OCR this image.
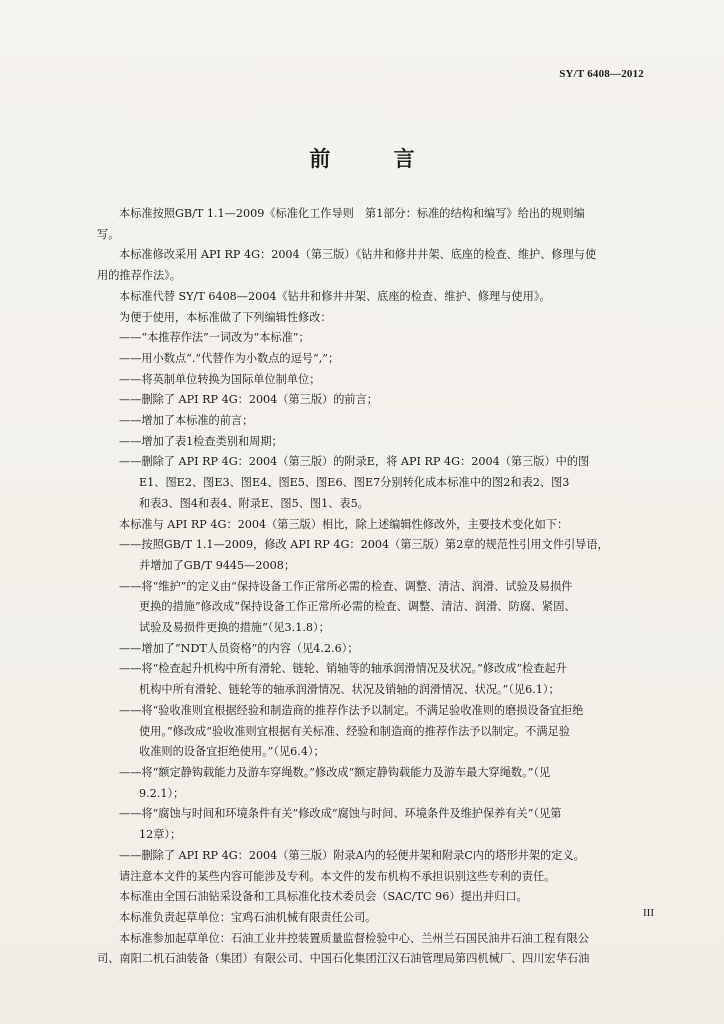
SY/T 6408—2012
前 言
本标准按照GB/T 1.1—2009《标准化工作导则　第1部分：标准的结构和编写》给出的规则编
写。
本标准修改采用 API RP 4G：2004（第三版）《钻井和修井井架、底座的检查、维护、修理与使
用的推荐作法》。
本标准代替 SY/T 6408—2004《钻井和修井井架、底座的检查、维护、修理与使用》。
为便于使用，本标准做了下列编辑性修改：
——“本推荐作法”一词改为“本标准”；
——用小数点“.”代替作为小数点的逗号“,”；
——将英制单位转换为国际单位制单位；
——删除了 API RP 4G：2004（第三版）的前言；
——增加了本标准的前言；
——增加了表1检查类别和周期；
——删除了 API RP 4G：2004（第三版）的附录E，将 API RP 4G：2004（第三版）中的图
E1、图E2、图E3、图E4、图E5、图E6、图E7分别转化成本标准中的图2和表2、图3
和表3、图4和表4、附录E、图5、图1、表5。
本标准与 API RP 4G：2004（第三版）相比，除上述编辑性修改外，主要技术变化如下：
——按照GB/T 1.1—2009，修改 API RP 4G：2004（第三版）第2章的规范性引用文件引导语，
并增加了GB/T 9445—2008；
——将“维护”的定义由“保持设备工作正常所必需的检查、调整、清洁、润滑、试验及易损件
更换的措施”修改成“保持设备工作正常所必需的检查、调整、清洁、润滑、防腐、紧固、
试验及易损件更换的措施”（见3.1.8）；
——增加了“NDT人员资格”的内容（见4.2.6）；
——将“检查起升机构中所有滑轮、链轮、销轴等的轴承润滑情况及状况。”修改成“检查起升
机构中所有滑轮、链轮等的轴承润滑情况、状况及销轴的润滑情况、状况。”（见6.1）；
——将“验收准则宜根据经验和制造商的推荐作法予以制定。不满足验收准则的磨损设备宜拒绝
使用。”修改成“验收准则宜根据有关标准、经验和制造商的推荐作法予以制定。不满足验
收准则的设备宜拒绝使用。”（见6.4）；
——将“额定静钩载能力及游车穿绳数。”修改成“额定静钩载能力及游车最大穿绳数。”（见
9.2.1）；
——将“腐蚀与时间和环境条件有关”修改成“腐蚀与时间、环境条件及维护保养有关”（见第
12章）；
——删除了 API RP 4G：2004（第三版）附录A内的轻便井架和附录C内的塔形井架的定义。
请注意本文件的某些内容可能涉及专利。本文件的发布机构不承担识别这些专利的责任。
本标准由全国石油钻采设备和工具标准化技术委员会（SAC/TC 96）提出并归口。
本标准负责起草单位：宝鸡石油机械有限责任公司。
本标准参加起草单位：石油工业井控装置质量监督检验中心、兰州兰石国民油井石油工程有限公
司、南阳二机石油装备（集团）有限公司、中国石化集团江汉石油管理局第四机械厂、四川宏华石油
III
